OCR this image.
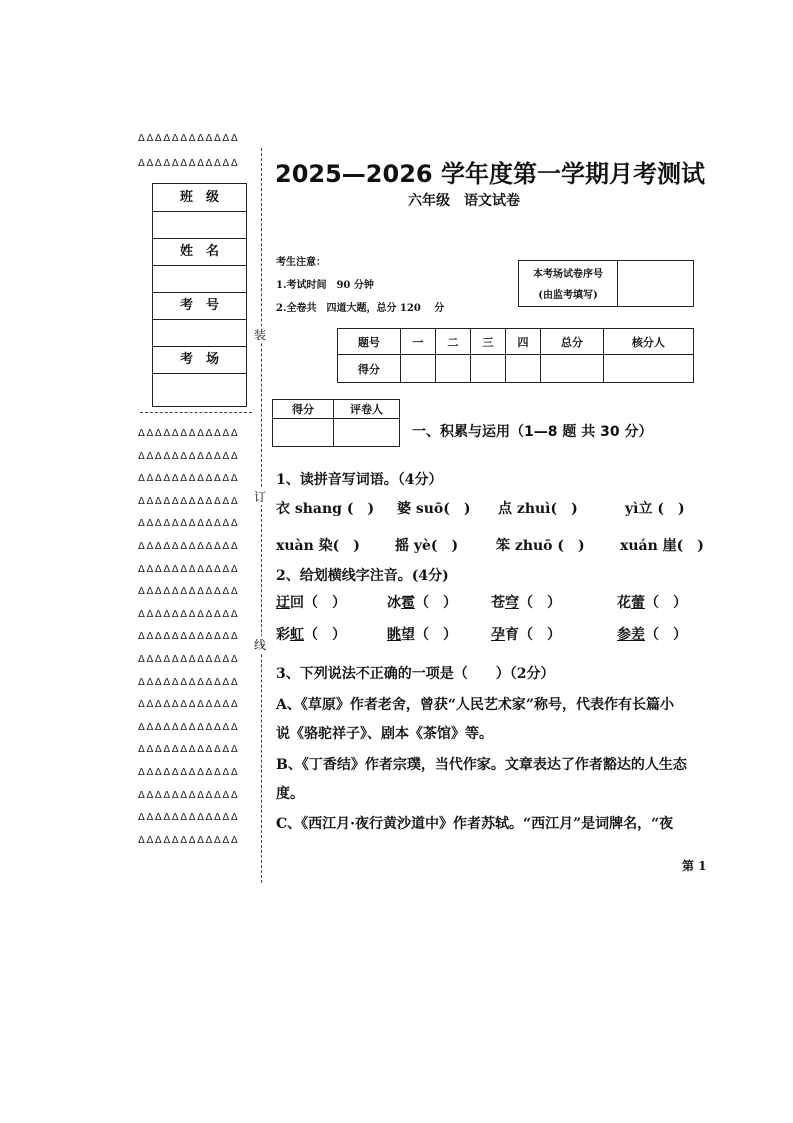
ΔΔΔΔΔΔΔΔΔΔΔΔ
ΔΔΔΔΔΔΔΔΔΔΔΔ
班　级
姓　名
考　号
考　场
ΔΔΔΔΔΔΔΔΔΔΔΔ
ΔΔΔΔΔΔΔΔΔΔΔΔ
ΔΔΔΔΔΔΔΔΔΔΔΔ
ΔΔΔΔΔΔΔΔΔΔΔΔ
ΔΔΔΔΔΔΔΔΔΔΔΔ
ΔΔΔΔΔΔΔΔΔΔΔΔ
ΔΔΔΔΔΔΔΔΔΔΔΔ
ΔΔΔΔΔΔΔΔΔΔΔΔ
ΔΔΔΔΔΔΔΔΔΔΔΔ
ΔΔΔΔΔΔΔΔΔΔΔΔ
ΔΔΔΔΔΔΔΔΔΔΔΔ
ΔΔΔΔΔΔΔΔΔΔΔΔ
ΔΔΔΔΔΔΔΔΔΔΔΔ
ΔΔΔΔΔΔΔΔΔΔΔΔ
ΔΔΔΔΔΔΔΔΔΔΔΔ
ΔΔΔΔΔΔΔΔΔΔΔΔ
ΔΔΔΔΔΔΔΔΔΔΔΔ
ΔΔΔΔΔΔΔΔΔΔΔΔ
ΔΔΔΔΔΔΔΔΔΔΔΔ
装
订
线
2025—2026 学年度第一学期月考测试
六年级　语文试卷
考生注意：
1.考试时间　90 分钟
2.全卷共　四道大题，总分 120　 分
本考场试卷序号
(由监考填写)
题号	一	二	三	四	总分	核分人
得分						
得分	评卷人

一、积累与运用（1—8 题 共 30 分）
1、读拼音写词语。（4分）
衣 shang (　) 婆 suō(　) 点 zhuì(　)	yì立 (　)
xuàn 染(　)	摇 yè(　)	笨 zhuō (　)	xuán 崖(　)
2、给划横线字注音。(4分)
迂回（　）	冰雹（　） 苍穹（　）	花蕾（　）
彩虹（　）	眺望（　） 孕育（　）	参差（　）
3、下列说法不正确的一项是（　　）（2分）
A、《草原》作者老舍，曾获“人民艺术家”称号，代表作有长篇小
说《骆驼祥子》、剧本《茶馆》等。
B、《丁香结》作者宗璞，当代作家。文章表达了作者豁达的人生态
度。
C、《西江月·夜行黄沙道中》作者苏轼。“西江月”是词牌名，“夜
第 1
